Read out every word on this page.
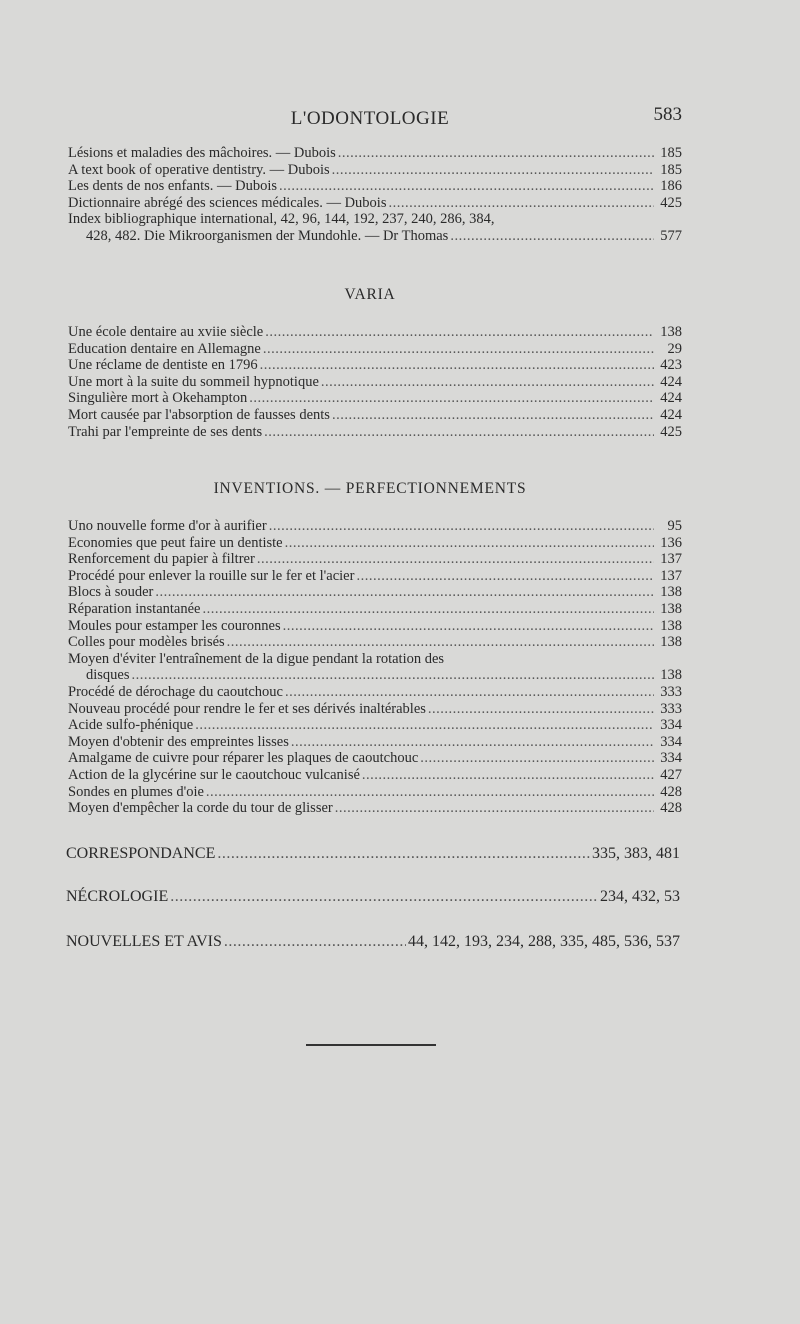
L'ODONTOLOGIE	583
Lésions et maladies des mâchoires. — Dubois .....	185
A text book of operative dentistry. — Dubois .....	185
Les dents de nos enfants. — Dubois .....	186
Dictionnaire abrégé des sciences médicales. — Dubois .....	425
Index bibliographique international, 42, 96, 144, 192, 237, 240, 286, 384,
428, 482. Die Mikroorganismen der Mundohle. — Dr Thomas .....	577
VARIA
Une école dentaire au xviie siècle .....	138
Education dentaire en Allemagne .....	29
Une réclame de dentiste en 1796 .....	423
Une mort à la suite du sommeil hypnotique .....	424
Singulière mort à Okehampton .....	424
Mort causée par l'absorption de fausses dents .....	424
Trahi par l'empreinte de ses dents .....	425
INVENTIONS. — PERFECTIONNEMENTS
Uno nouvelle forme d'or à aurifier .....	95
Economies que peut faire un dentiste .....	136
Renforcement du papier à filtrer .....	137
Procédé pour enlever la rouille sur le fer et l'acier .....	137
Blocs à souder .....	138
Réparation instantanée .....	138
Moules pour estamper les couronnes .....	138
Colles pour modèles brisés .....	138
Moyen d'éviter l'entraînement de la digue pendant la rotation des
disques .....	138
Procédé de dérochage du caoutchouc .....	333
Nouveau procédé pour rendre le fer et ses dérivés inaltérables .....	333
Acide sulfo-phénique .....	334
Moyen d'obtenir des empreintes lisses .....	334
Amalgame de cuivre pour réparer les plaques de caoutchouc .....	334
Action de la glycérine sur le caoutchouc vulcanisé .....	427
Sondes en plumes d'oie .....	428
Moyen d'empêcher la corde du tour de glisser .....	428
CORRESPONDANCE .....	335, 383, 481
NÉCROLOGIE .....	234, 432, 53
NOUVELLES ET AVIS .....	44, 142, 193, 234, 288, 335, 485, 536, 537
